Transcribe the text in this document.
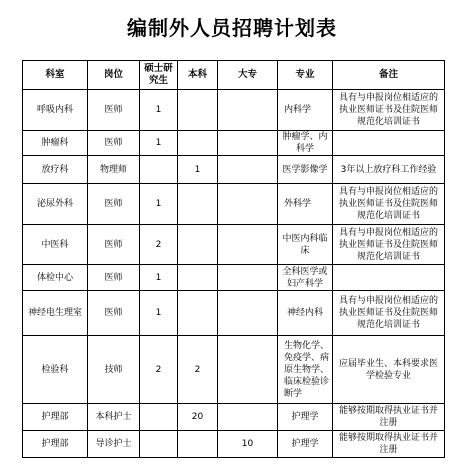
编制外人员招聘计划表
科室	岗位	硕士研究生	本科	大专	专业	备注
呼吸内科	医师	1			内科学	具有与申报岗位相适应的执业医师证书及住院医师规范化培训证书
肿瘤科	医师	1			肿瘤学、内科学	
放疗科	物理师		1		医学影像学	3年以上放疗科工作经验
泌尿外科	医师	1			外科学	具有与申报岗位相适应的执业医师证书及住院医师规范化培训证书
中医科	医师	2			中医内科临床	具有与申报岗位相适应的执业医师证书及住院医师规范化培训证书
体检中心	医师	1			全科医学或妇产科学	
神经电生理室	医师	1			神经内科	具有与申报岗位相适应的执业医师证书及住院医师规范化培训证书
检验科	技师	2	2		生物化学、免疫学、病原生物学、临床检验诊断学	应届毕业生、本科要求医学检验专业
护理部	本科护士		20		护理学	能够按期取得执业证书并注册
护理部	导诊护士			10	护理学	能够按期取得执业证书并注册
